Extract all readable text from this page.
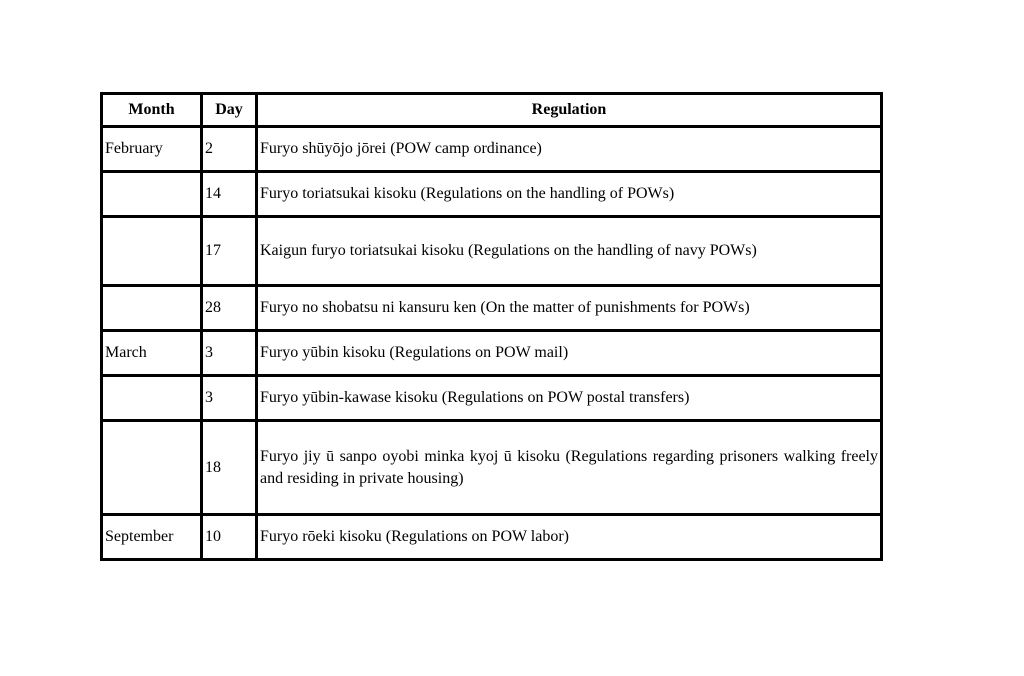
Month	Day	Regulation
February	2	Furyo shūyōjo jōrei (POW camp ordinance)
	14	Furyo toriatsukai kisoku (Regulations on the handling of POWs)
	17	Kaigun furyo toriatsukai kisoku (Regulations on the handling of navy POWs)
	28	Furyo no shobatsu ni kansuru ken (On the matter of punishments for POWs)
March	3	Furyo yūbin kisoku (Regulations on POW mail)
	3	Furyo yūbin-kawase kisoku (Regulations on POW postal transfers)
	18	Furyo jiy ū sanpo oyobi minka kyoj ū kisoku (Regulations regarding prisoners walking freely and residing in private housing)
September	10	Furyo rōeki kisoku (Regulations on POW labor)
